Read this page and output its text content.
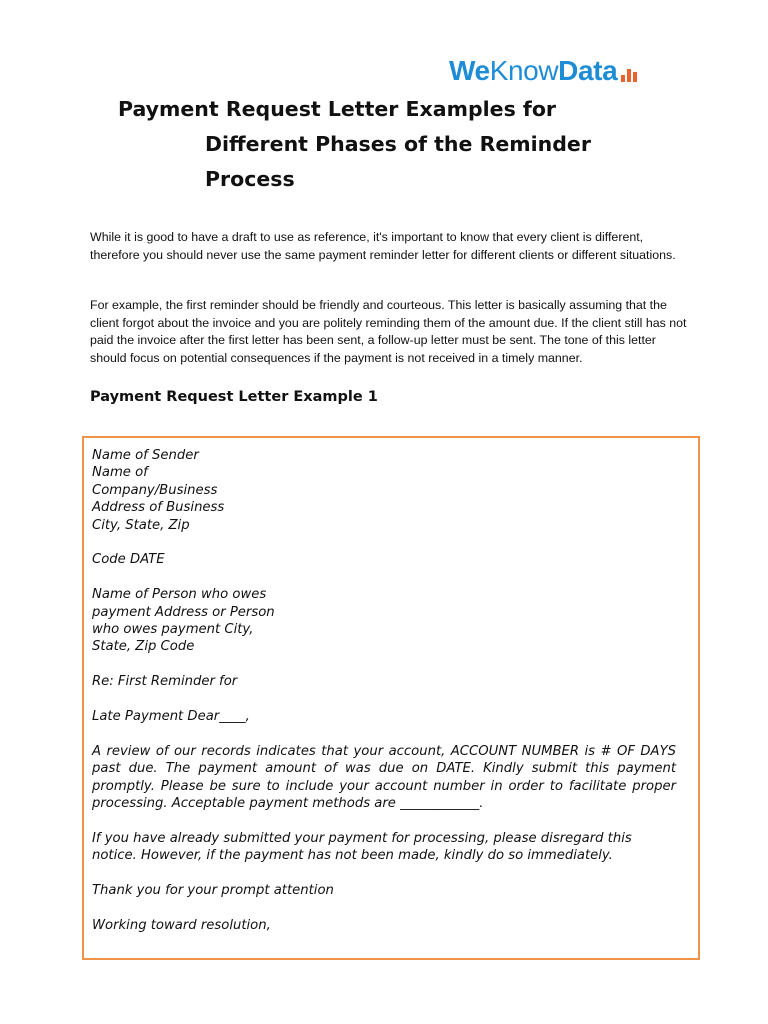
We Know Data
Payment Request Letter Examples for
Different Phases of the Reminder
Process

While it is good to have a draft to use as reference, it's important to know that every client is different, therefore you should never use the same payment reminder letter for different clients or different situations.

For example, the first reminder should be friendly and courteous. This letter is basically assuming that the client forgot about the invoice and you are politely reminding them of the amount due. If the client still has not paid the invoice after the first letter has been sent, a follow-up letter must be sent. The tone of this letter should focus on potential consequences if the payment is not received in a timely manner.

Payment Request Letter Example 1

Name of Sender
Name of
Company/Business
Address of Business
City, State, Zip

Code DATE

Name of Person who owes
payment Address or Person
who owes payment City,
State, Zip Code

Re: First Reminder for

Late Payment Dear____,

A review of our records indicates that your account, ACCOUNT NUMBER is # OF DAYS past due. The payment amount of was due on DATE. Kindly submit this payment promptly. Please be sure to include your account number in order to facilitate proper processing. Acceptable payment methods are ____________.

If you have already submitted your payment for processing, please disregard this notice. However, if the payment has not been made, kindly do so immediately.

Thank you for your prompt attention

Working toward resolution,
